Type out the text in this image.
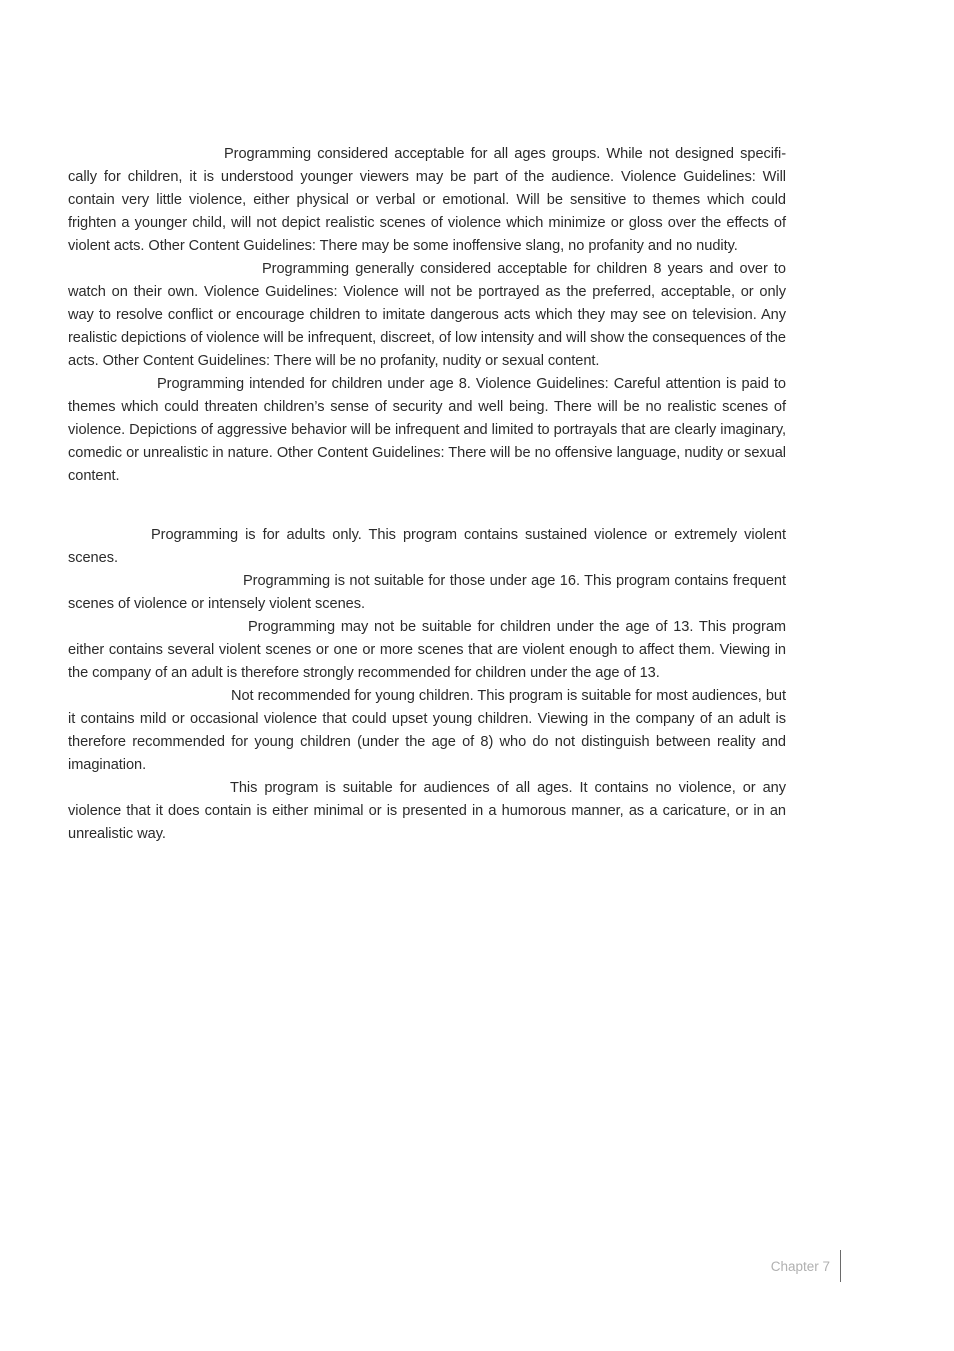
Programming considered acceptable for all ages groups. While not designed specifi-cally for children, it is understood younger viewers may be part of the audience. Violence Guidelines: Will contain very little violence, either physical or verbal or emotional. Will be sensitive to themes which could frighten a younger child, will not depict realistic scenes of violence which minimize or gloss over the effects of violent acts. Other Content Guidelines: There may be some inoffensive slang, no profanity and no nudity.

Programming generally considered acceptable for children 8 years and over to watch on their own. Violence Guidelines: Violence will not be portrayed as the preferred, acceptable, or only way to resolve conflict or encourage children to imitate dangerous acts which they may see on television. Any realistic depictions of violence will be infrequent, discreet, of low intensity and will show the consequences of the acts. Other Content Guidelines: There will be no profanity, nudity or sexual content.

Programming intended for children under age 8. Violence Guidelines: Careful attention is paid to themes which could threaten children’s sense of security and well being. There will be no realistic scenes of violence. Depictions of aggressive behavior will be infrequent and limited to portrayals that are clearly imaginary, comedic or unrealistic in nature. Other Content Guidelines: There will be no offensive language, nudity or sexual content.

Programming is for adults only. This program contains sustained violence or extremely violent scenes.

Programming is not suitable for those under age 16. This program contains frequent scenes of violence or intensely violent scenes.

Programming may not be suitable for children under the age of 13. This program either contains several violent scenes or one or more scenes that are violent enough to affect them. Viewing in the company of an adult is therefore strongly recommended for children under the age of 13.

Not recommended for young children. This program is suitable for most audiences, but it contains mild or occasional violence that could upset young children. Viewing in the company of an adult is therefore recommended for young children (under the age of 8) who do not distinguish between reality and imagination.

This program is suitable for audiences of all ages. It contains no violence, or any violence that it does contain is either minimal or is presented in a humorous manner, as a caricature, or in an unrealistic way.

Chapter 7
